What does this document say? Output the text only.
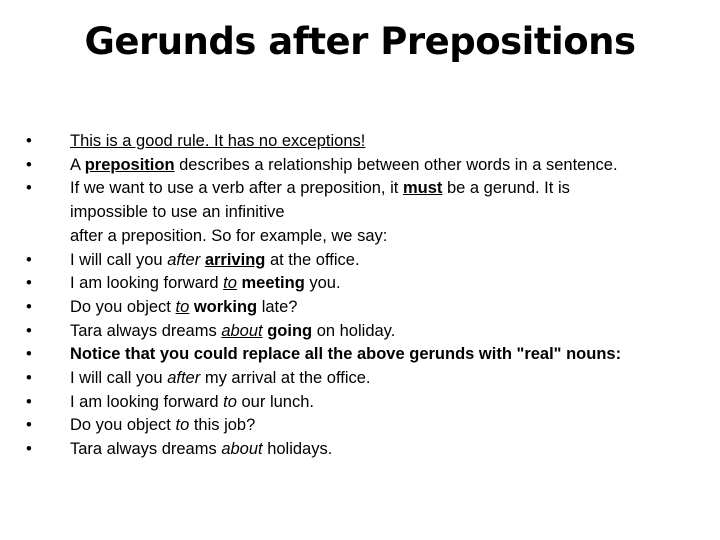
Gerunds after Prepositions
• This is a good rule. It has no exceptions!
• A preposition describes a relationship between other words in a sentence.
• If we want to use a verb after a preposition, it must be a gerund. It is
impossible to use an infinitive
after a preposition. So for example, we say:
• I will call you after arriving at the office.
• I am looking forward to meeting you.
• Do you object to working late?
• Tara always dreams about going on holiday.
• Notice that you could replace all the above gerunds with "real" nouns:
• I will call you after my arrival at the office.
• I am looking forward to our lunch.
• Do you object to this job?
• Tara always dreams about holidays.
